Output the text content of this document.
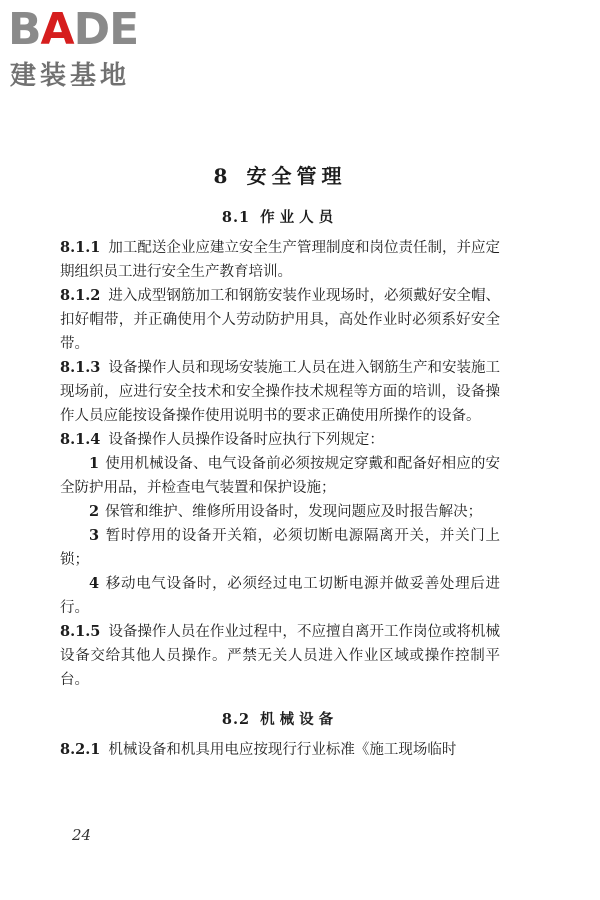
BADE
建装基地
8 安全管理
8.1 作业人员

8.1.1 加工配送企业应建立安全生产管理制度和岗位责任制，并应定期组织员工进行安全生产教育培训。

8.1.2 进入成型钢筋加工和钢筋安装作业现场时，必须戴好安全帽、扣好帽带，并正确使用个人劳动防护用具，高处作业时必须系好安全带。

8.1.3 设备操作人员和现场安装施工人员在进入钢筋生产和安装施工现场前，应进行安全技术和安全操作技术规程等方面的培训，设备操作人员应能按设备操作使用说明书的要求正确使用所操作的设备。

8.1.4 设备操作人员操作设备时应执行下列规定：

1 使用机械设备、电气设备前必须按规定穿戴和配备好相应的安全防护用品，并检查电气装置和保护设施；

2 保管和维护、维修所用设备时，发现问题应及时报告解决；

3 暂时停用的设备开关箱，必须切断电源隔离开关，并关门上锁；

4 移动电气设备时，必须经过电工切断电源并做妥善处理后进行。

8.1.5 设备操作人员在作业过程中，不应擅自离开工作岗位或将机械设备交给其他人员操作。严禁无关人员进入作业区域或操作控制平台。

8.2 机械设备

8.2.1 机械设备和机具用电应按现行行业标准《施工现场临时

24
